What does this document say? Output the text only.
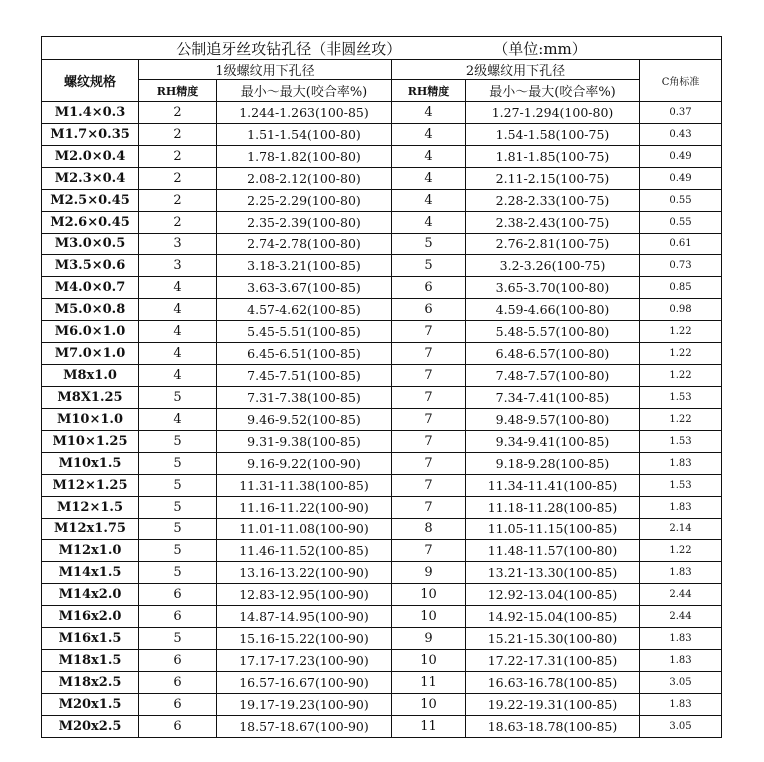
公制追牙丝攻钻孔径（非圆丝攻） （单位:mm）					
螺纹规格	1级螺纹用下孔径		2级螺纹用下孔径		C角标准
	RH精度	最小～最大(咬合率%)	RH精度	最小～最大(咬合率%)	
M1.4×0.3	2	1.244-1.263(100-85)	4	1.27-1.294(100-80)	0.37
M1.7×0.35	2	1.51-1.54(100-80)	4	1.54-1.58(100-75)	0.43
M2.0×0.4	2	1.78-1.82(100-80)	4	1.81-1.85(100-75)	0.49
M2.3×0.4	2	2.08-2.12(100-80)	4	2.11-2.15(100-75)	0.49
M2.5×0.45	2	2.25-2.29(100-80)	4	2.28-2.33(100-75)	0.55
M2.6×0.45	2	2.35-2.39(100-80)	4	2.38-2.43(100-75)	0.55
M3.0×0.5	3	2.74-2.78(100-80)	5	2.76-2.81(100-75)	0.61
M3.5×0.6	3	3.18-3.21(100-85)	5	3.2-3.26(100-75)	0.73
M4.0×0.7	4	3.63-3.67(100-85)	6	3.65-3.70(100-80)	0.85
M5.0×0.8	4	4.57-4.62(100-85)	6	4.59-4.66(100-80)	0.98
M6.0×1.0	4	5.45-5.51(100-85)	7	5.48-5.57(100-80)	1.22
M7.0×1.0	4	6.45-6.51(100-85)	7	6.48-6.57(100-80)	1.22
M8x1.0	4	7.45-7.51(100-85)	7	7.48-7.57(100-80)	1.22
M8X1.25	5	7.31-7.38(100-85)	7	7.34-7.41(100-85)	1.53
M10×1.0	4	9.46-9.52(100-85)	7	9.48-9.57(100-80)	1.22
M10×1.25	5	9.31-9.38(100-85)	7	9.34-9.41(100-85)	1.53
M10x1.5	5	9.16-9.22(100-90)	7	9.18-9.28(100-85)	1.83
M12×1.25	5	11.31-11.38(100-85)	7	11.34-11.41(100-85)	1.53
M12×1.5	5	11.16-11.22(100-90)	7	11.18-11.28(100-85)	1.83
M12x1.75	5	11.01-11.08(100-90)	8	11.05-11.15(100-85)	2.14
M12x1.0	5	11.46-11.52(100-85)	7	11.48-11.57(100-80)	1.22
M14x1.5	5	13.16-13.22(100-90)	9	13.21-13.30(100-85)	1.83
M14x2.0	6	12.83-12.95(100-90)	10	12.92-13.04(100-85)	2.44
M16x2.0	6	14.87-14.95(100-90)	10	14.92-15.04(100-85)	2.44
M16x1.5	5	15.16-15.22(100-90)	9	15.21-15.30(100-80)	1.83
M18x1.5	6	17.17-17.23(100-90)	10	17.22-17.31(100-85)	1.83
M18x2.5	6	16.57-16.67(100-90)	11	16.63-16.78(100-85)	3.05
M20x1.5	6	19.17-19.23(100-90)	10	19.22-19.31(100-85)	1.83
M20x2.5	6	18.57-18.67(100-90)	11	18.63-18.78(100-85)	3.05
